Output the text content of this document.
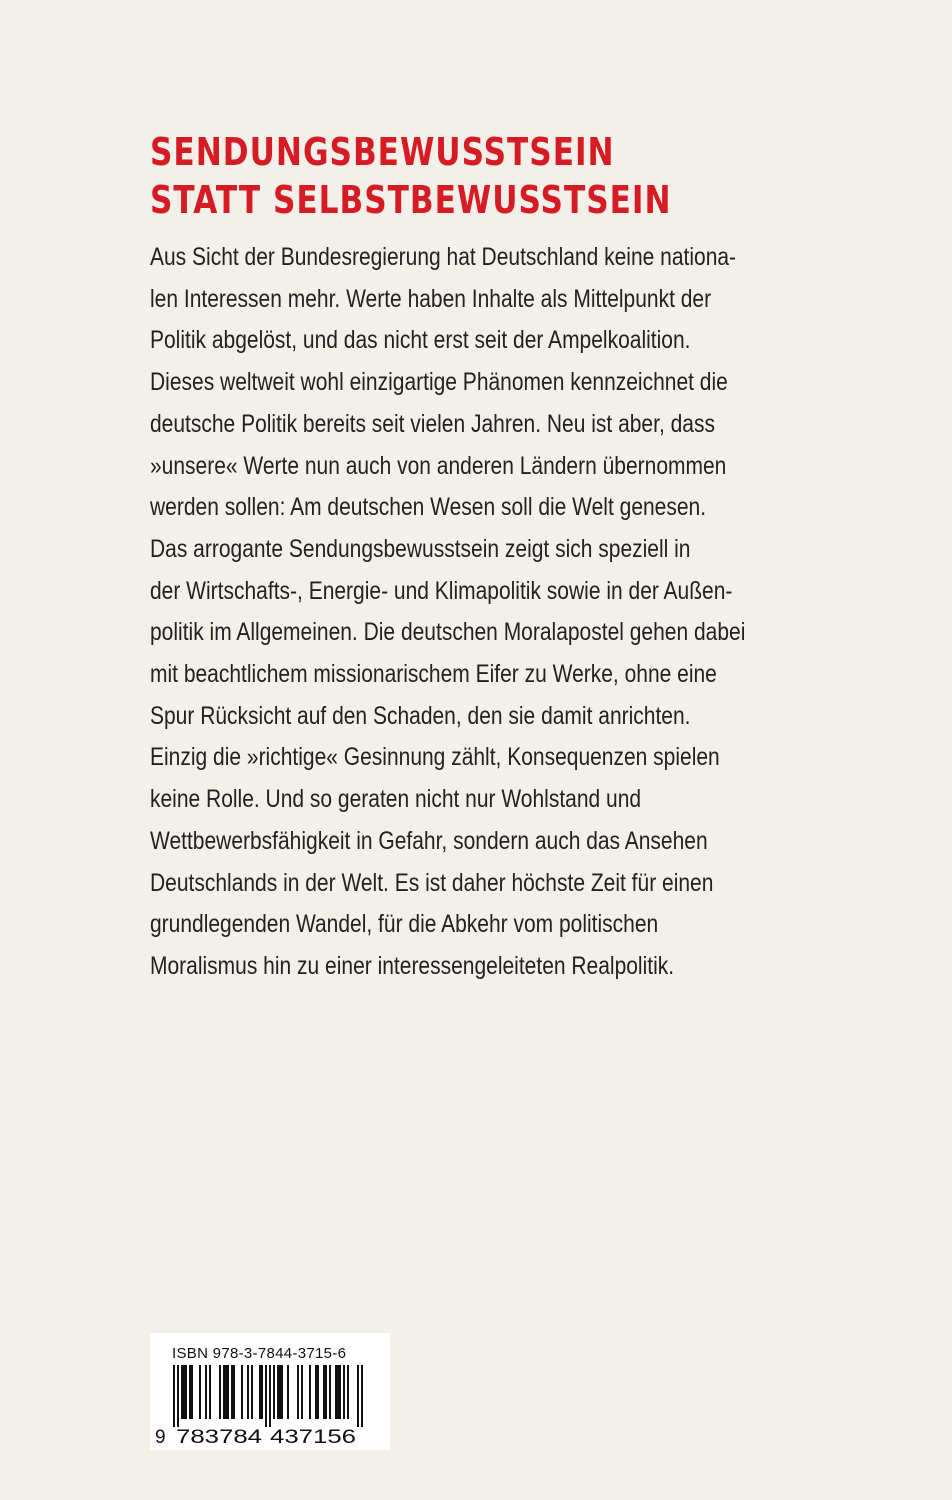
SENDUNGSBEWUSSTSEIN
STATT SELBSTBEWUSSTSEIN
Aus Sicht der Bundesregierung hat Deutschland keine nationa-
len Interessen mehr. Werte haben Inhalte als Mittelpunkt der
Politik abgelöst, und das nicht erst seit der Ampelkoalition.
Dieses weltweit wohl einzigartige Phänomen kennzeichnet die
deutsche Politik bereits seit vielen Jahren. Neu ist aber, dass
»unsere« Werte nun auch von anderen Ländern übernommen
werden sollen: Am deutschen Wesen soll die Welt genesen.
Das arrogante Sendungsbewusstsein zeigt sich speziell in
der Wirtschafts-, Energie- und Klimapolitik sowie in der Außen-
politik im Allgemeinen. Die deutschen Moralapostel gehen dabei
mit beachtlichem missionarischem Eifer zu Werke, ohne eine
Spur Rücksicht auf den Schaden, den sie damit anrichten.
Einzig die »richtige« Gesinnung zählt, Konsequenzen spielen
keine Rolle. Und so geraten nicht nur Wohlstand und
Wettbewerbsfähigkeit in Gefahr, sondern auch das Ansehen
Deutschlands in der Welt. Es ist daher höchste Zeit für einen
grundlegenden Wandel, für die Abkehr vom politischen
Moralismus hin zu einer interessengeleiteten Realpolitik.
ISBN 978-3-7844-3715-6
9 783784 437156
